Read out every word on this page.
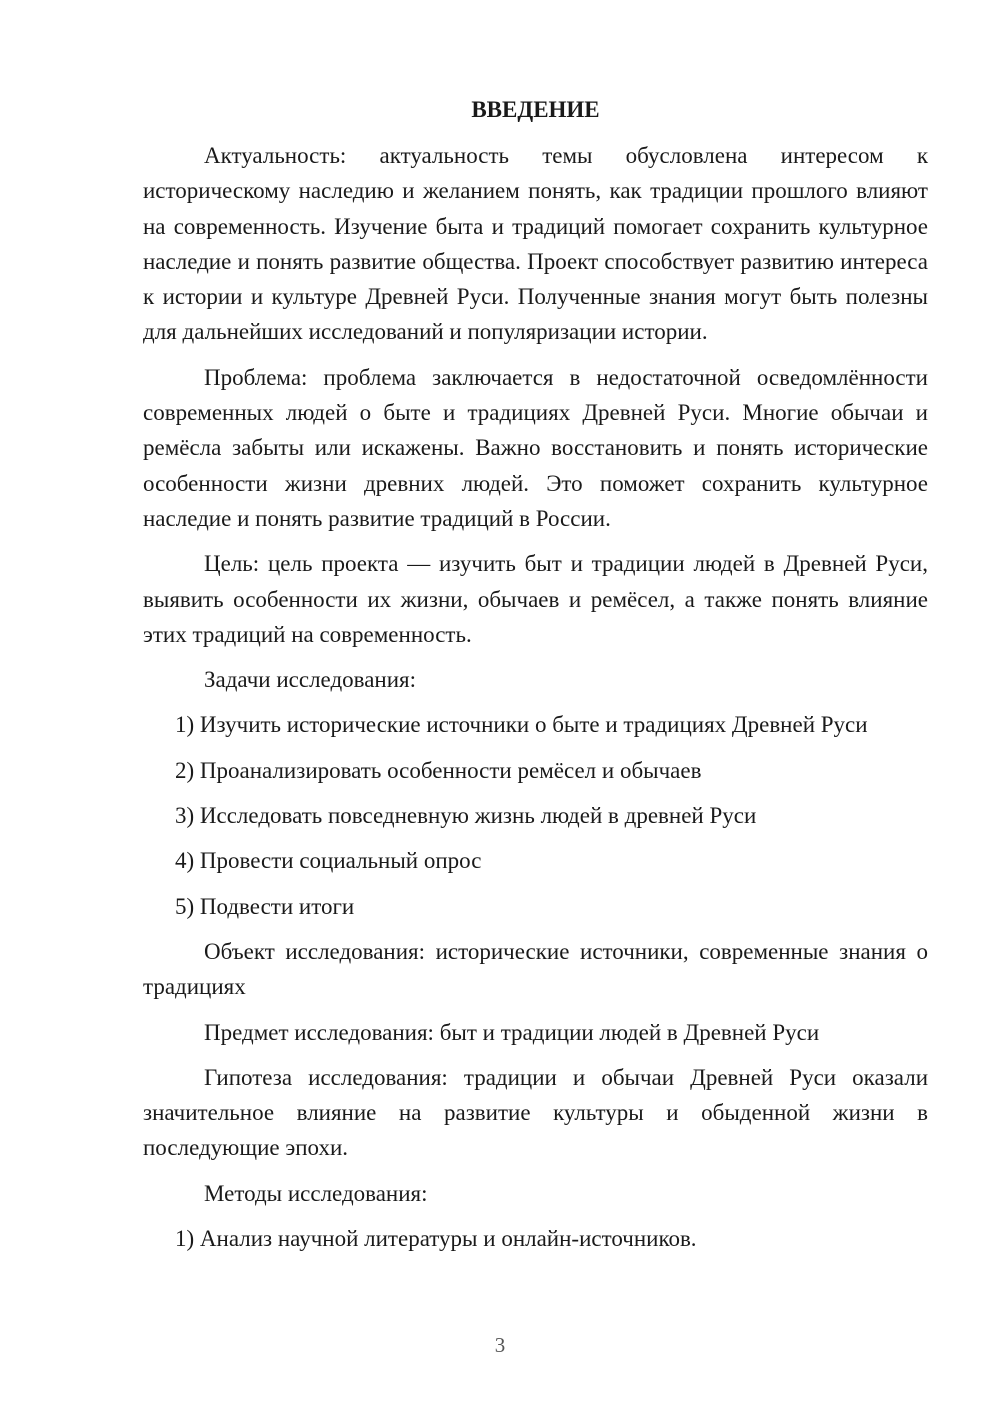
ВВЕДЕНИЕ

Актуальность: актуальность темы обусловлена интересом к историческому наследию и желанием понять, как традиции прошлого влияют на современность. Изучение быта и традиций помогает сохранить культурное наследие и понять развитие общества. Проект способствует развитию интереса к истории и культуре Древней Руси. Полученные знания могут быть полезны для дальнейших исследований и популяризации истории.

Проблема: проблема заключается в недостаточной осведомлённости современных людей о быте и традициях Древней Руси. Многие обычаи и ремёсла забыты или искажены. Важно восстановить и понять исторические особенности жизни древних людей. Это поможет сохранить культурное наследие и понять развитие традиций в России.

Цель: цель проекта — изучить быт и традиции людей в Древней Руси, выявить особенности их жизни, обычаев и ремёсел, а также понять влияние этих традиций на современность.

Задачи исследования:

1) Изучить исторические источники о быте и традициях Древней Руси
2) Проанализировать особенности ремёсел и обычаев
3) Исследовать повседневную жизнь людей в древней Руси
4) Провести социальный опрос
5) Подвести итоги

Объект исследования: исторические источники, современные знания о традициях

Предмет исследования: быт и традиции людей в Древней Руси

Гипотеза исследования: традиции и обычаи Древней Руси оказали значительное влияние на развитие культуры и обыденной жизни в последующие эпохи.

Методы исследования:

1) Анализ научной литературы и онлайн-источников.
3
